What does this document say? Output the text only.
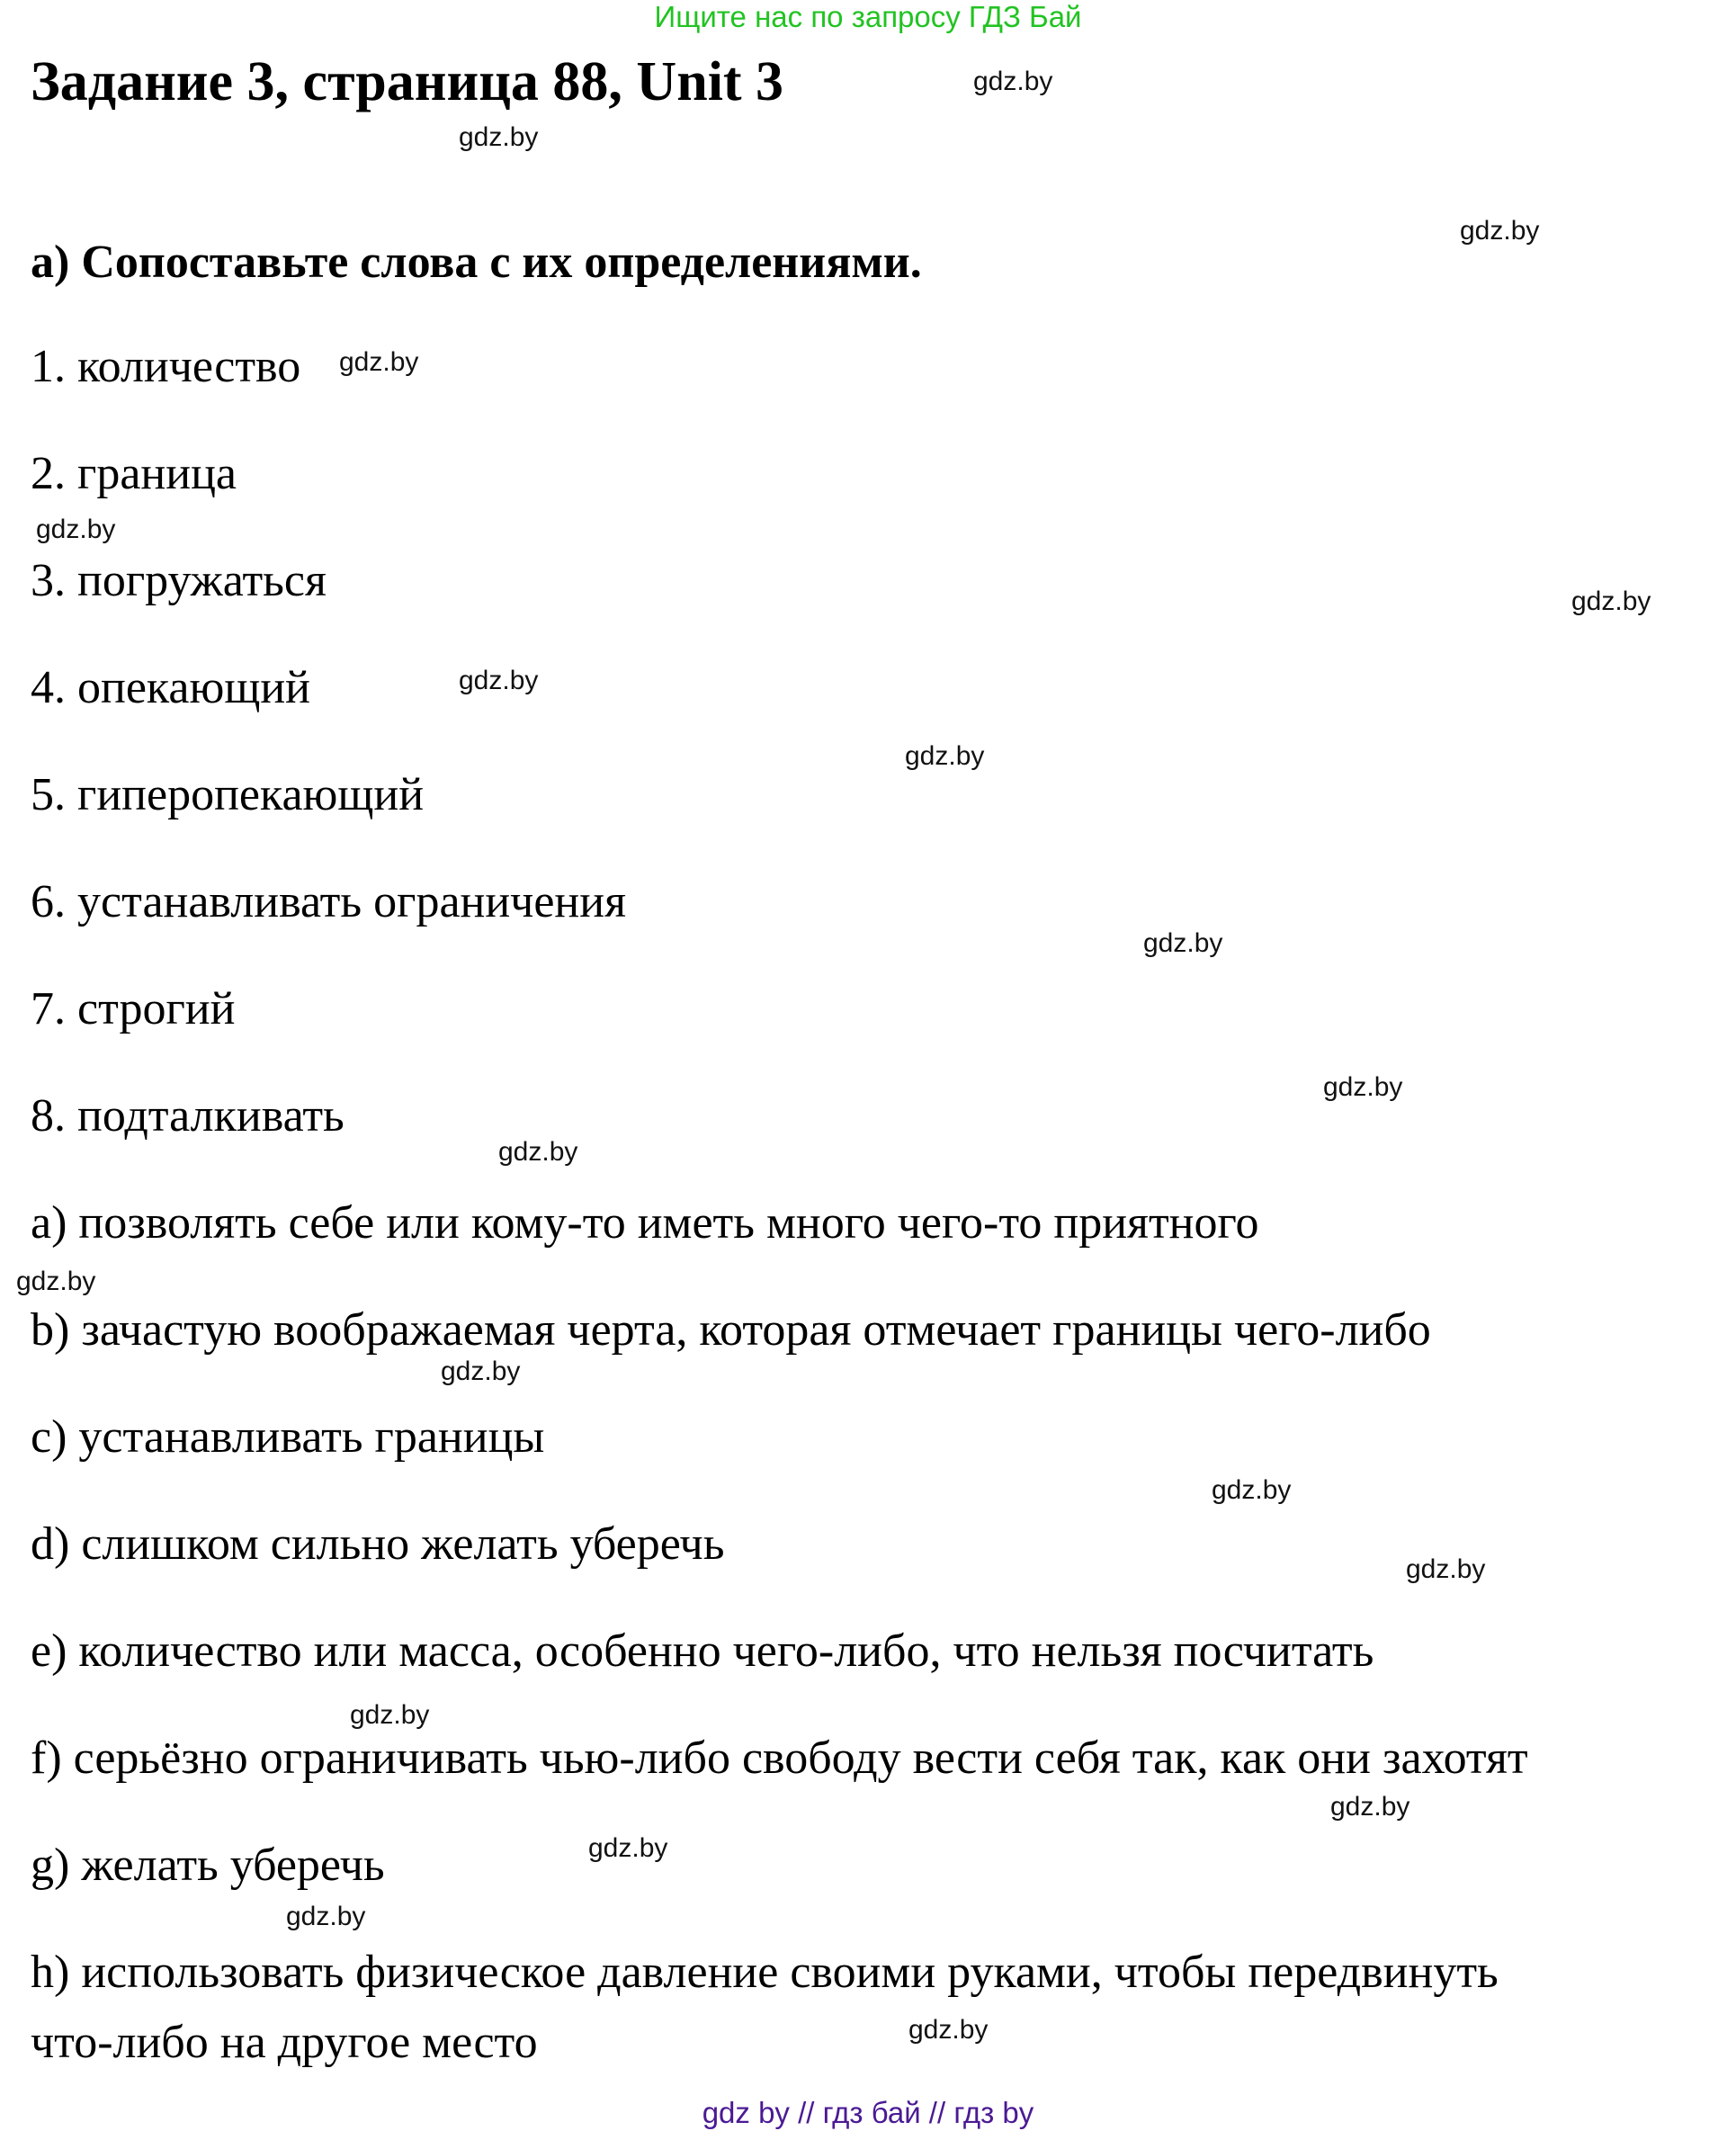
Ищите нас по запросу ГДЗ Бай
Задание 3, страница 88, Unit 3
a) Сопоставьте слова с их определениями.
1. количество
2. граница
3. погружаться
4. опекающий
5. гиперопекающий
6. устанавливать ограничения
7. строгий
8. подталкивать
a) позволять себе или кому-то иметь много чего-то приятного
b) зачастую воображаемая черта, которая отмечает границы чего-либо
c) устанавливать границы
d) слишком сильно желать уберечь
e) количество или масса, особенно чего-либо, что нельзя посчитать
f) серьёзно ограничивать чью-либо свободу вести себя так, как они захотят
g) желать уберечь
h) использовать физическое давление своими руками, чтобы передвинуть
что-либо на другое место
gdz.by
gdz.by
gdz.by
gdz.by
gdz.by
gdz.by
gdz.by
gdz.by
gdz.by
gdz.by
gdz.by
gdz.by
gdz.by
gdz.by
gdz.by
gdz.by
gdz.by
gdz.by
gdz.by
gdz.by
gdz by // гдз бай // гдз by
